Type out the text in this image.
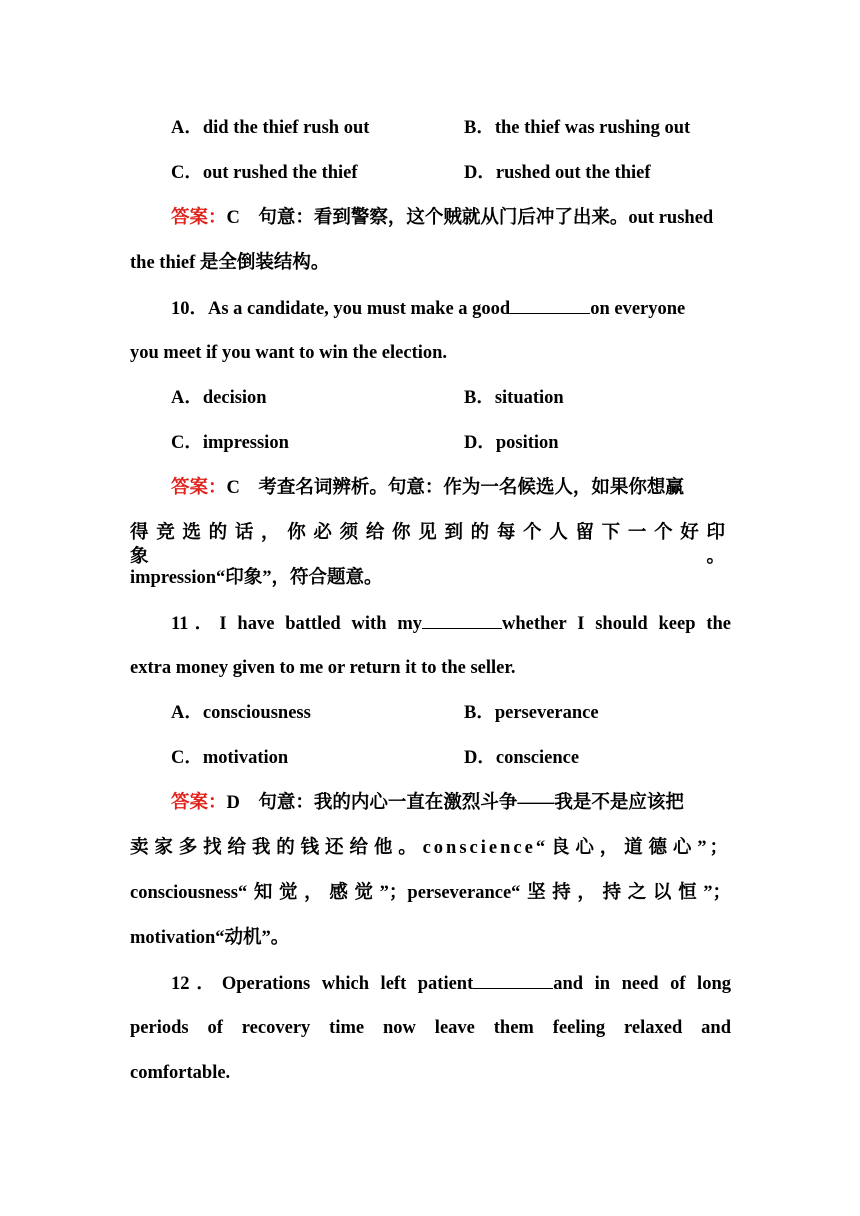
A．did the thief rush out	B．the thief was rushing out
C．out rushed the thief	D．rushed out the thief
答案：C　句意：看到警察，这个贼就从门后冲了出来。out rushed
the thief 是全倒装结构。
10．As a candidate, you must make a good	on everyone
you meet if you want to win the election.
A．decision	B．situation
C．impression	D．position
答案：C　考查名词辨析。句意：作为一名候选人，如果你想赢
得竞选的话，你必须给你见到的每个人留下一个好印象。
impression“印象”，符合题意。
11．I have battled with my	whether I should keep the
extra money given to me or return it to the seller.
A．consciousness	B．perseverance
C．motivation	D．conscience
答案：D　句意：我的内心一直在激烈斗争——我是不是应该把
卖家多找给我的钱还给他。conscience“良心，道德心”；
consciousness“知觉，感觉”；perseverance“坚持，持之以恒”；
motivation“动机”。
12．Operations which left patient	and in need of long
periods of recovery time now leave them feeling relaxed and
comfortable.
